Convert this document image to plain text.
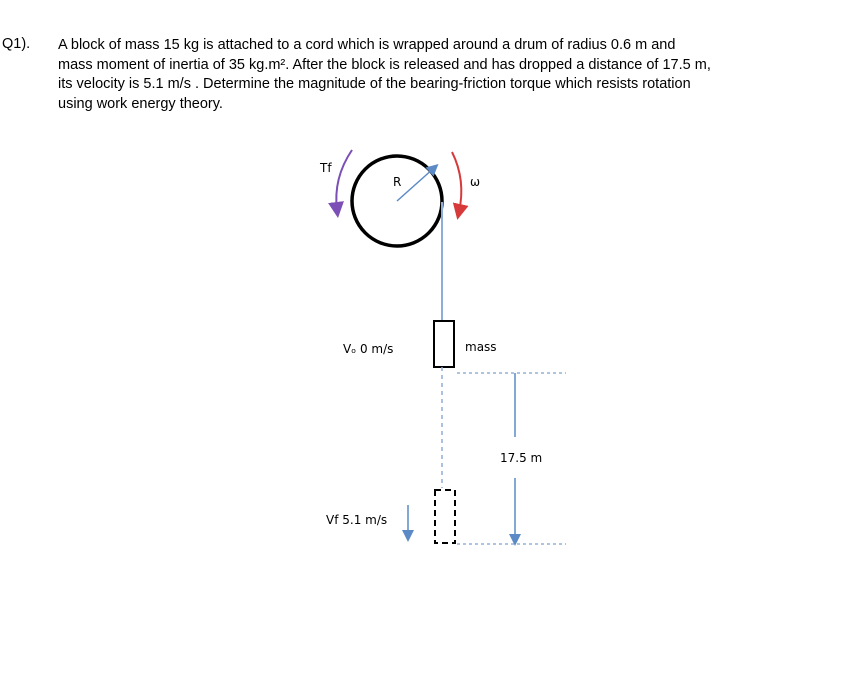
Q1). A block of mass 15 kg is attached to a cord which is wrapped around a drum of radius 0.6 m and

mass moment of inertia of 35 kg.m². After the block is released and has dropped a distance of 17.5 m,

its velocity is 5.1 m/s . Determine the magnitude of the bearing-friction torque which resists rotation

using work energy theory.

Tf
R	ω
Vₒ 0 m/s	mass
17.5 m
Vf 5.1 m/s
